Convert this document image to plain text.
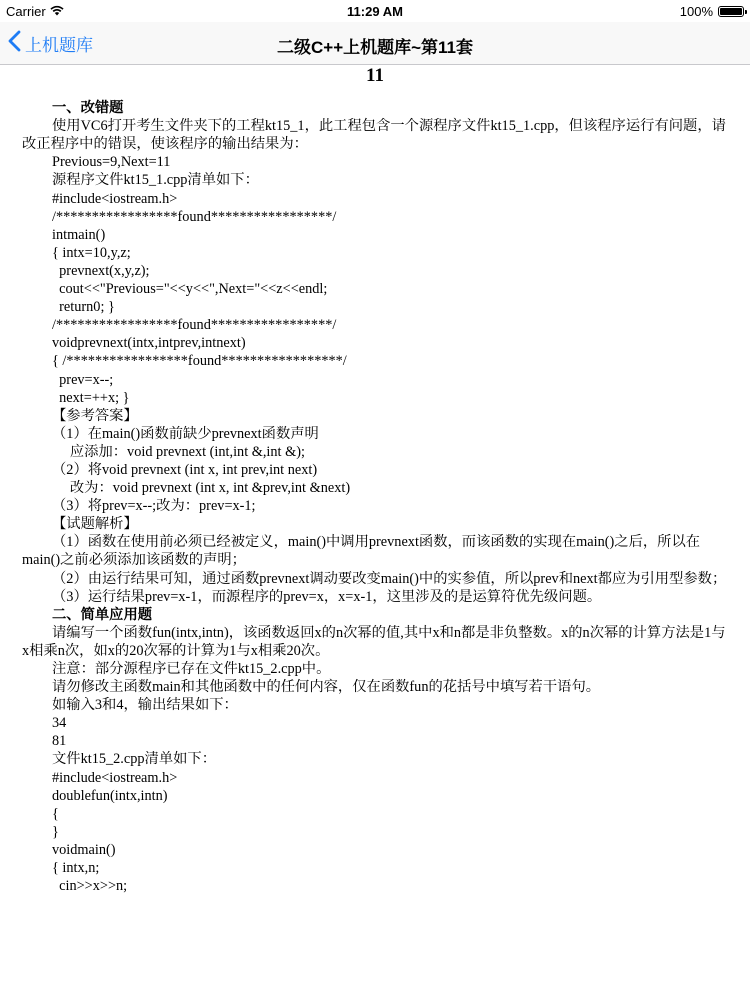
Carrier	11:29 AM	100%
上机题库	二级C++上机题库~第11套
11
一、改错题
使用VC6打开考生文件夹下的工程kt15_1，此工程包含一个源程序文件kt15_1.cpp，但该程序运行有问题，请改正程序中的错误，使该程序的输出结果为：
Previous=9,Next=11
源程序文件kt15_1.cpp清单如下：
#include<iostream.h>
/*****************found*****************/
intmain()
{ intx=10,y,z;
prevnext(x,y,z);
cout<<"Previous="<<y<<",Next="<<z<<endl;
return0; }
/*****************found*****************/
voidprevnext(intx,intprev,intnext)
{ /*****************found*****************/
prev=x--;
next=++x; }
【参考答案】
（1）在main()函数前缺少prevnext函数声明
应添加：void prevnext (int,int &,int &);
（2）将void prevnext (int x, int prev,int next)
改为：void prevnext (int x, int &prev,int &next)
（3）将prev=x--;改为：prev=x-1;
【试题解析】
（1）函数在使用前必须已经被定义，main()中调用prevnext函数，而该函数的实现在main()之后，所以在main()之前必须添加该函数的声明；
（2）由运行结果可知，通过函数prevnext调动要改变main()中的实参值，所以prev和next都应为引用型参数；
（3）运行结果prev=x-1，而源程序的prev=x，x=x-1，这里涉及的是运算符优先级问题。
二、简单应用题
请编写一个函数fun(intx,intn)，该函数返回x的n次幂的值,其中x和n都是非负整数。x的n次幂的计算方法是1与x相乘n次，如x的20次幂的计算为1与x相乘20次。
注意：部分源程序已存在文件kt15_2.cpp中。
请勿修改主函数main和其他函数中的任何内容，仅在函数fun的花括号中填写若干语句。
如输入3和4，输出结果如下：
34
81
文件kt15_2.cpp清单如下：
#include<iostream.h>
doublefun(intx,intn)
{
}
voidmain()
{ intx,n;
cin>>x>>n;
